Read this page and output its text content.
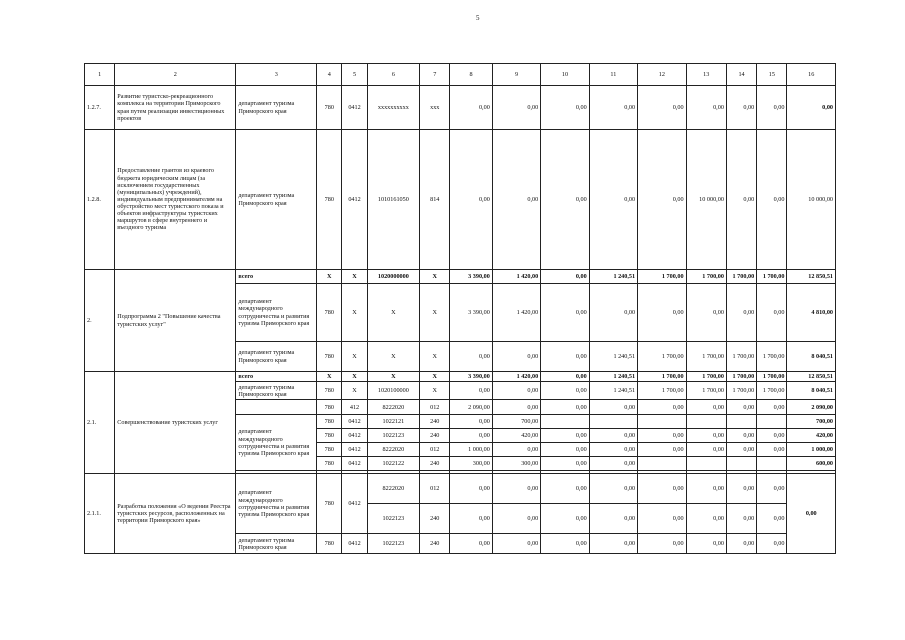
5
1	2	3	4	5	6	7	8	9	10	11	12	13	14	15	16
1.2.7.	Развитие туристско-рекреационного комплекса на территории Приморского края путем реализации инвестиционных проектов	департамент туризма Приморского края	780	0412	xxxxxxxxxx	xxx	0,00	0,00	0,00	0,00	0,00	0,00	0,00	0,00	0,00
1.2.8.	Предоставление грантов из краевого бюджета юридическим лицам (за исключением государственных (муниципальных) учреждений), индивидуальным предпринимателям на обустройство мест туристского показа и объектов инфраструктуры туристских маршрутов в сфере внутреннего и въездного туризма	департамент туризма Приморского края	780	0412	1010161050	814	0,00	0,00	0,00	0,00	0,00	10 000,00	0,00	0,00	10 000,00
2.	Подпрограмма 2 "Повышение качества туристских услуг"	всего	X	X	1020000000	X	3 390,00	1 420,00	0,00	1 240,51	1 700,00	1 700,00	1 700,00	1 700,00	12 850,51
		департамент международного сотрудничества и развития туризма Приморского края	780	X	X	X	3 390,00	1 420,00	0,00	0,00	0,00	0,00	0,00	0,00	4 810,00
		департамент туризма Приморского края	780	X	X	X	0,00	0,00	0,00	1 240,51	1 700,00	1 700,00	1 700,00	1 700,00	8 040,51
2.1.	Совершенствование туристских услуг	всего	X	X	X	X	3 390,00	1 420,00	0,00	1 240,51	1 700,00	1 700,00	1 700,00	1 700,00	12 850,51
		департамент туризма Приморского края	780	X	1020100000	X	0,00	0,00	0,00	1 240,51	1 700,00	1 700,00	1 700,00	1 700,00	8 040,51
			780	412	8222020	012	2 090,00	0,00	0,00	0,00	0,00	0,00	0,00	0,00	2 090,00
		департамент международного сотрудничества и развития туризма Приморского края	780	0412	1022121	240	0,00	700,00							700,00
			780	0412	1022123	240	0,00	420,00	0,00	0,00	0,00	0,00	0,00	0,00	420,00
			780	0412	8222020	012	1 000,00	0,00	0,00	0,00	0,00	0,00	0,00	0,00	1 000,00
			780	0412	1022122	240	300,00	300,00	0,00	0,00					600,00

2.1.1.	Разработка положения «О ведении Реестра туристских ресурсов, расположенных на территории Приморского края»	департамент международного сотрудничества и развития туризма Приморского края	780	0412	8222020	012	0,00	0,00	0,00	0,00	0,00	0,00	0,00	0,00	0,00
					1022123	240	0,00	0,00	0,00	0,00	0,00	0,00	0,00	0,00	
		департамент туризма Приморского края	780	0412	1022123	240	0,00	0,00	0,00	0,00	0,00	0,00	0,00	0,00	
